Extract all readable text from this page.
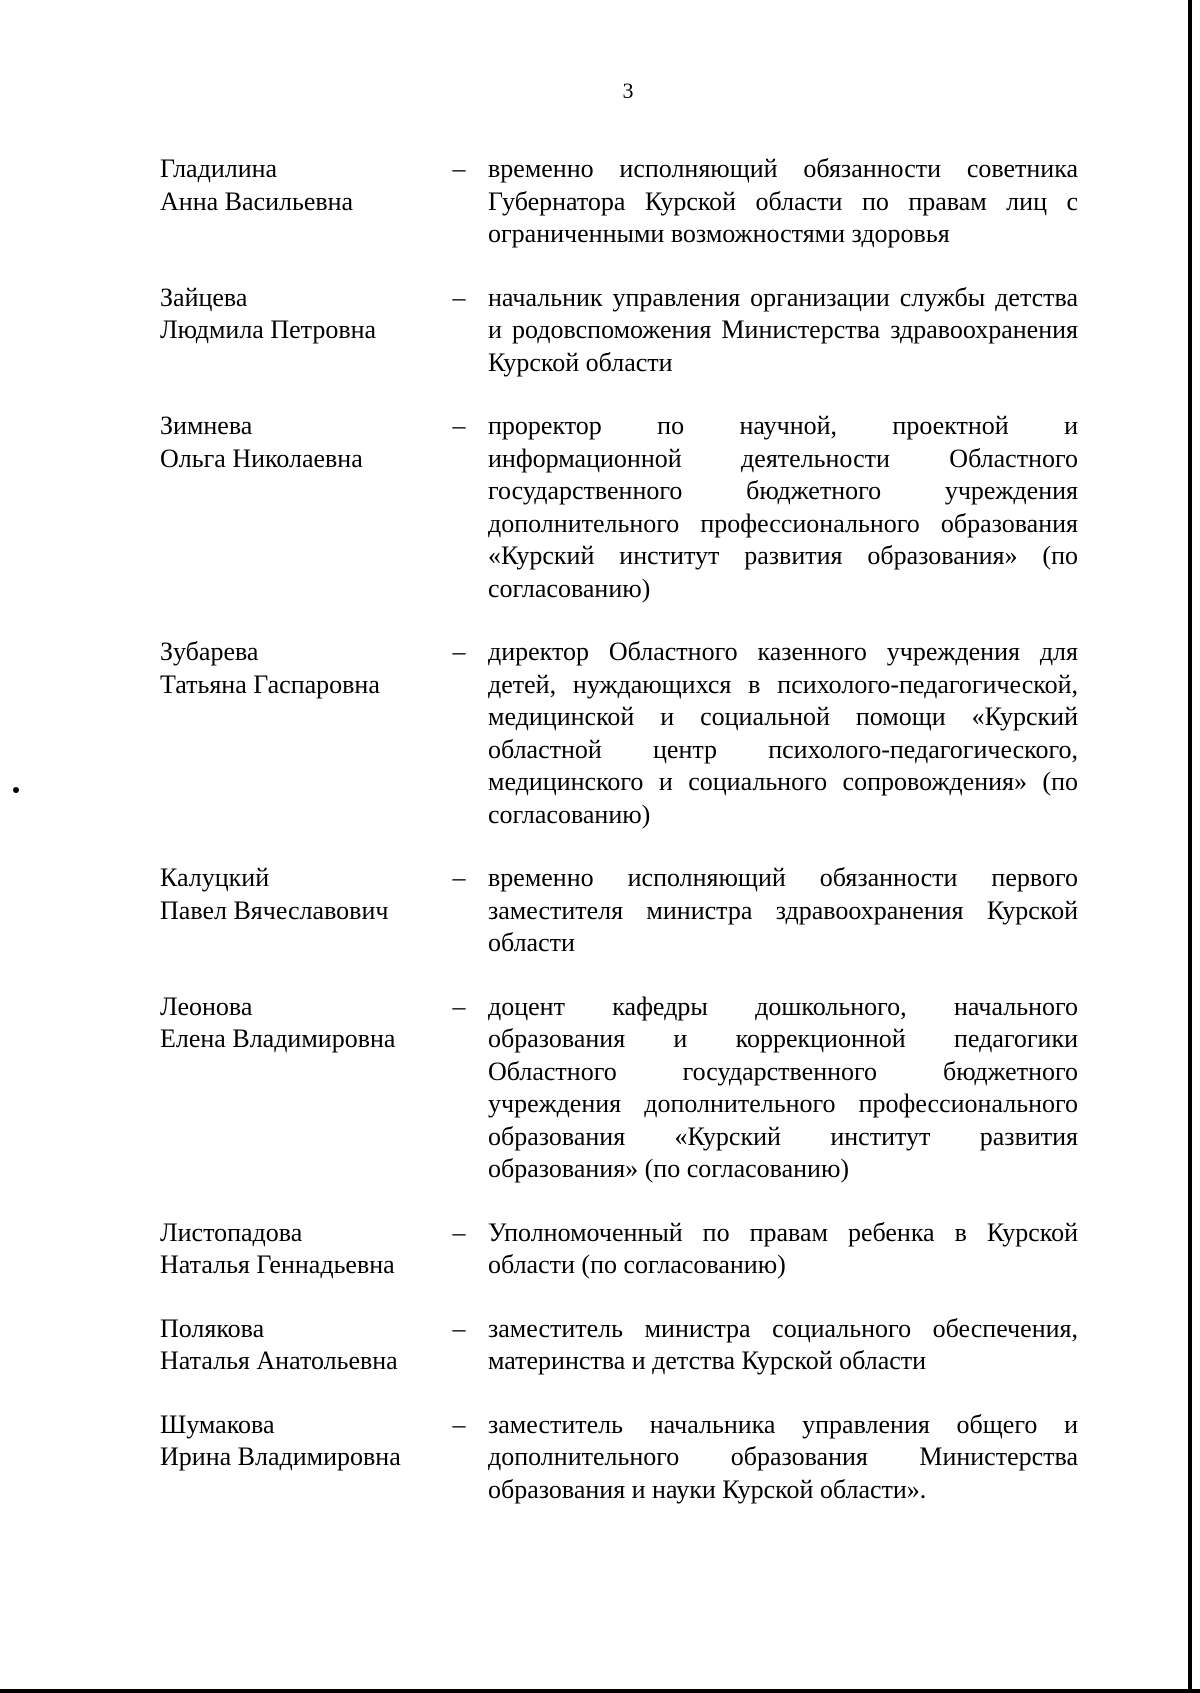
3
Гладилина
Анна Васильевна
– временно исполняющий обязанности советника Губернатора Курской области по правам лиц с ограниченными возможностями здоровья
Зайцева
Людмила Петровна
– начальник управления организации службы детства и родовспоможения Министерства здравоохранения Курской области
Зимнева
Ольга Николаевна
– проректор по научной, проектной и информационной деятельности Областного государственного бюджетного учреждения дополнительного профессионального образования «Курский институт развития образования» (по согласованию)
Зубарева
Татьяна Гаспаровна
– директор Областного казенного учреждения для детей, нуждающихся в психолого-педагогической, медицинской и социальной помощи «Курский областной центр психолого-педагогического, медицинского и социального сопровождения» (по согласованию)
Калуцкий
Павел Вячеславович
– временно исполняющий обязанности первого заместителя министра здравоохранения Курской области
Леонова
Елена Владимировна
– доцент кафедры дошкольного, начального образования и коррекционной педагогики Областного государственного бюджетного учреждения дополнительного профессионального образования «Курский институт развития образования» (по согласованию)
Листопадова
Наталья Геннадьевна
– Уполномоченный по правам ребенка в Курской области (по согласованию)
Полякова
Наталья Анатольевна
– заместитель министра социального обеспечения, материнства и детства Курской области
Шумакова
Ирина Владимировна
– заместитель начальника управления общего и дополнительного образования Министерства образования и науки Курской области».
